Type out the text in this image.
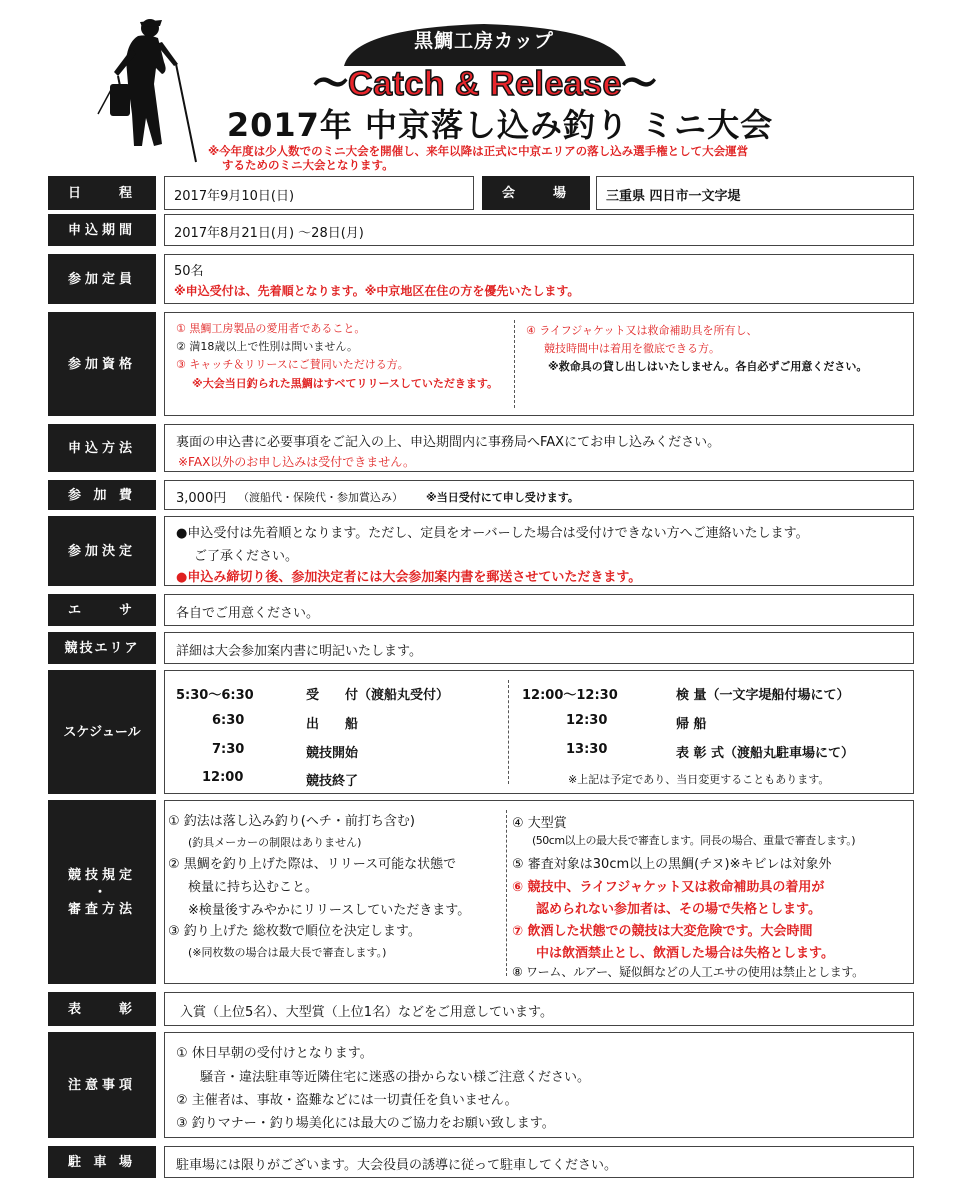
黒鯛工房カップ
〜Catch & Release〜
2017年 中京落し込み釣り ミニ大会
※今年度は少人数でのミニ大会を開催し、来年以降は正式に中京エリアの落し込み選手権として大会運営
するためのミニ大会となります。
日　　程	2017年9月10日(日)	会　　場	三重県 四日市一文字堤
申込期間	2017年8月21日(月) 〜28日(月)
参加定員	50名
※申込受付は、先着順となります。※中京地区在住の方を優先いたします。
参加資格
① 黒鯛工房製品の愛用者であること。
② 満18歳以上で性別は問いません。
③ キャッチ＆リリースにご賛同いただける方。
※大会当日釣られた黒鯛はすべてリリースしていただきます。
④ ライフジャケット又は救命補助具を所有し、
競技時間中は着用を徹底できる方。
※救命具の貸し出しはいたしません。各自必ずご用意ください。
申込方法	裏面の申込書に必要事項をご記入の上、申込期間内に事務局へFAXにてお申し込みください。
※FAX以外のお申し込みは受付できません。
参 加 費	3,000円 （渡船代・保険代・参加賞込み） ※当日受付にて申し受けます。
参加決定
●申込受付は先着順となります。ただし、定員をオーバーした場合は受付けできない方へご連絡いたします。
ご了承ください。
●申込み締切り後、参加決定者には大会参加案内書を郵送させていただきます。
エ　　サ	各自でご用意ください。
競技エリア	詳細は大会参加案内書に明記いたします。
スケジュール
5:30〜6:30	受　　付（渡船丸受付）
6:30	出　　船
7:30	競技開始
12:00	競技終了
12:00〜12:30	検 量（一文字堤船付場にて）
12:30	帰 船
13:30	表 彰 式（渡船丸駐車場にて）
※上記は予定であり、当日変更することもあります。
競技規定
・
審査方法
① 釣法は落し込み釣り(ヘチ・前打ち含む)
(釣具メーカーの制限はありません)
② 黒鯛を釣り上げた際は、リリース可能な状態で
検量に持ち込むこと。
※検量後すみやかにリリースしていただきます。
③ 釣り上げた 総枚数で順位を決定します。
(※同枚数の場合は最大長で審査します。)
④ 大型賞
(50cm以上の最大長で審査します。同長の場合、重量で審査します。)
⑤ 審査対象は30cm以上の黒鯛(チヌ)※キビレは対象外
⑥ 競技中、ライフジャケット又は救命補助具の着用が
認められない参加者は、その場で失格とします。
⑦ 飲酒した状態での競技は大変危険です。大会時間
中は飲酒禁止とし、飲酒した場合は失格とします。
⑧ ワーム、ルアー、疑似餌などの人工エサの使用は禁止とします。
表　　彰	入賞（上位5名）、大型賞（上位1名）などをご用意しています。
注意事項
① 休日早朝の受付けとなります。
騒音・違法駐車等近隣住宅に迷惑の掛からない様ご注意ください。
② 主催者は、事故・盗難などには一切責任を負いません。
③ 釣りマナー・釣り場美化には最大のご協力をお願い致します。
駐 車 場	駐車場には限りがございます。大会役員の誘導に従って駐車してください。
